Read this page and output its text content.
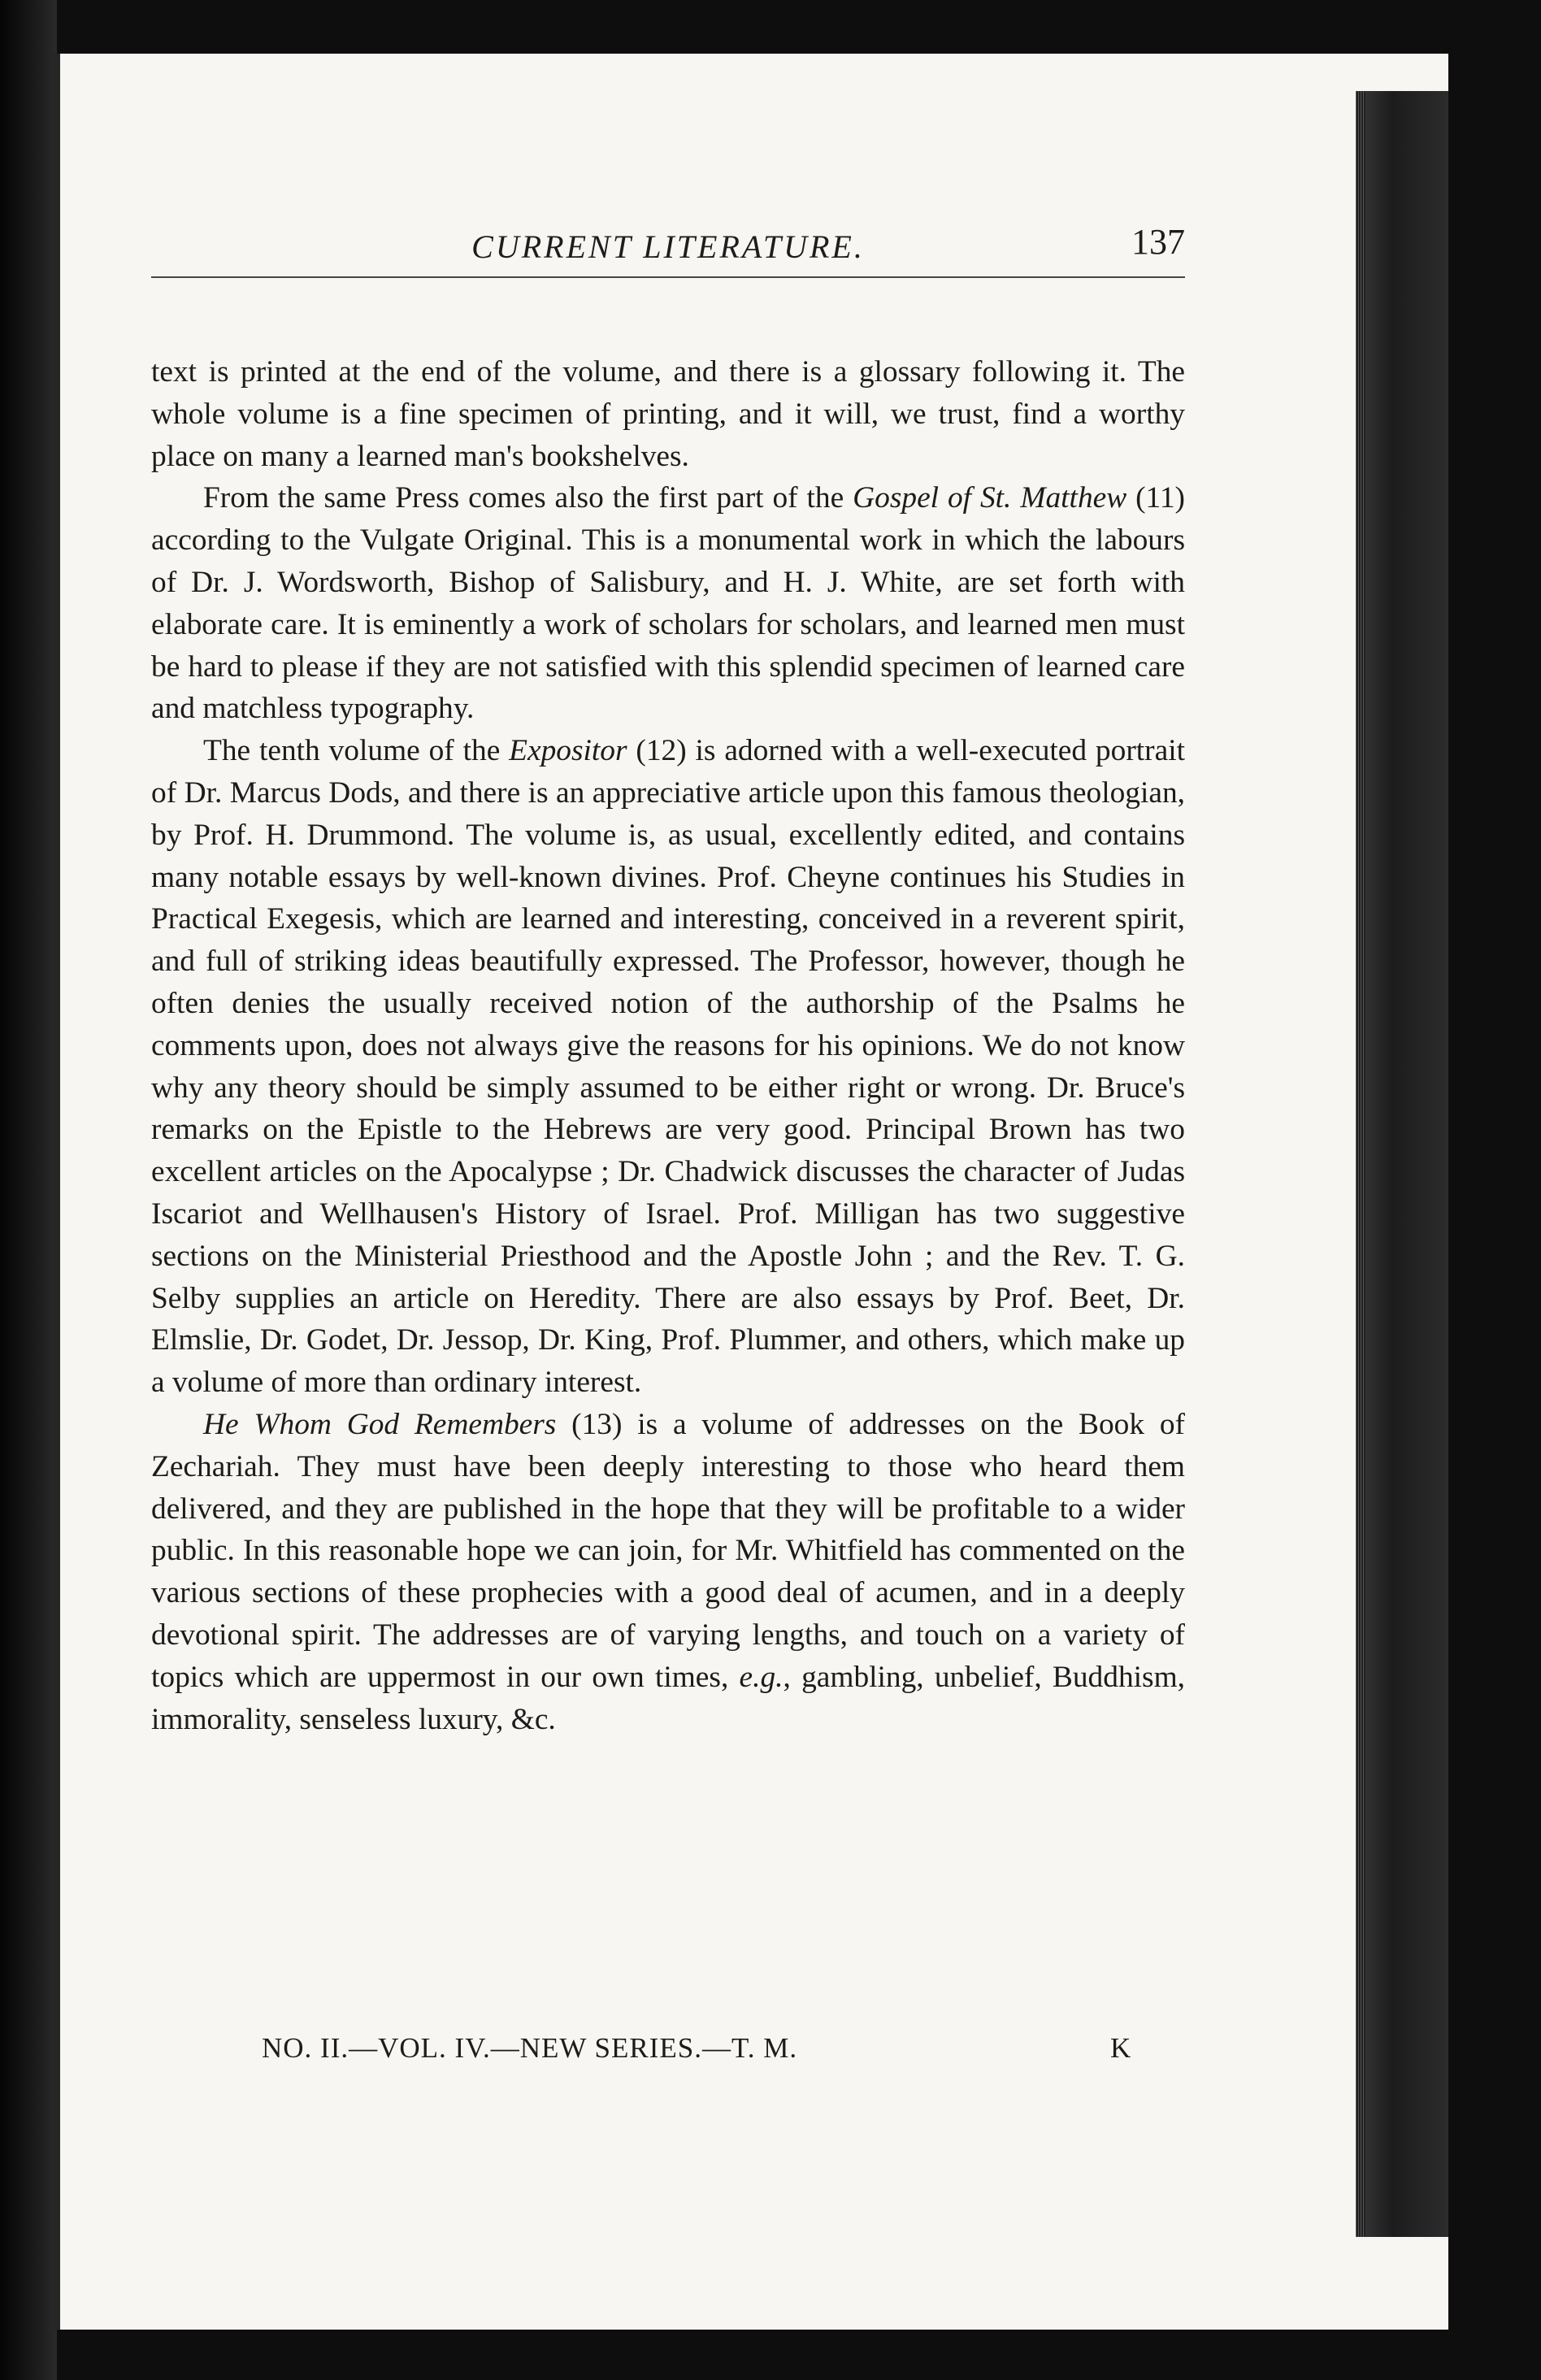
CURRENT LITERATURE.	137

text is printed at the end of the volume, and there is a glossary following it. The whole volume is a fine specimen of printing, and it will, we trust, find a worthy place on many a learned man's bookshelves.

From the same Press comes also the first part of the Gospel of St. Matthew (11) according to the Vulgate Original. This is a monumental work in which the labours of Dr. J. Wordsworth, Bishop of Salisbury, and H. J. White, are set forth with elaborate care. It is eminently a work of scholars for scholars, and learned men must be hard to please if they are not satisfied with this splendid specimen of learned care and matchless typography.

The tenth volume of the Expositor (12) is adorned with a well-executed portrait of Dr. Marcus Dods, and there is an appreciative article upon this famous theologian, by Prof. H. Drummond. The volume is, as usual, excellently edited, and contains many notable essays by well-known divines. Prof. Cheyne continues his Studies in Practical Exegesis, which are learned and interesting, conceived in a reverent spirit, and full of striking ideas beautifully expressed. The Professor, however, though he often denies the usually received notion of the authorship of the Psalms he comments upon, does not always give the reasons for his opinions. We do not know why any theory should be simply assumed to be either right or wrong. Dr. Bruce's remarks on the Epistle to the Hebrews are very good. Principal Brown has two excellent articles on the Apocalypse ; Dr. Chadwick discusses the character of Judas Iscariot and Wellhausen's History of Israel. Prof. Milligan has two suggestive sections on the Ministerial Priesthood and the Apostle John ; and the Rev. T. G. Selby supplies an article on Heredity. There are also essays by Prof. Beet, Dr. Elmslie, Dr. Godet, Dr. Jessop, Dr. King, Prof. Plummer, and others, which make up a volume of more than ordinary interest.

He Whom God Remembers (13) is a volume of addresses on the Book of Zechariah. They must have been deeply interesting to those who heard them delivered, and they are published in the hope that they will be profitable to a wider public. In this reasonable hope we can join, for Mr. Whitfield has commented on the various sections of these prophecies with a good deal of acumen, and in a deeply devotional spirit. The addresses are of varying lengths, and touch on a variety of topics which are uppermost in our own times, e.g., gambling, unbelief, Buddhism, immorality, senseless luxury, &c.

NO. II.—VOL. IV.—NEW SERIES.—T. M.	K
